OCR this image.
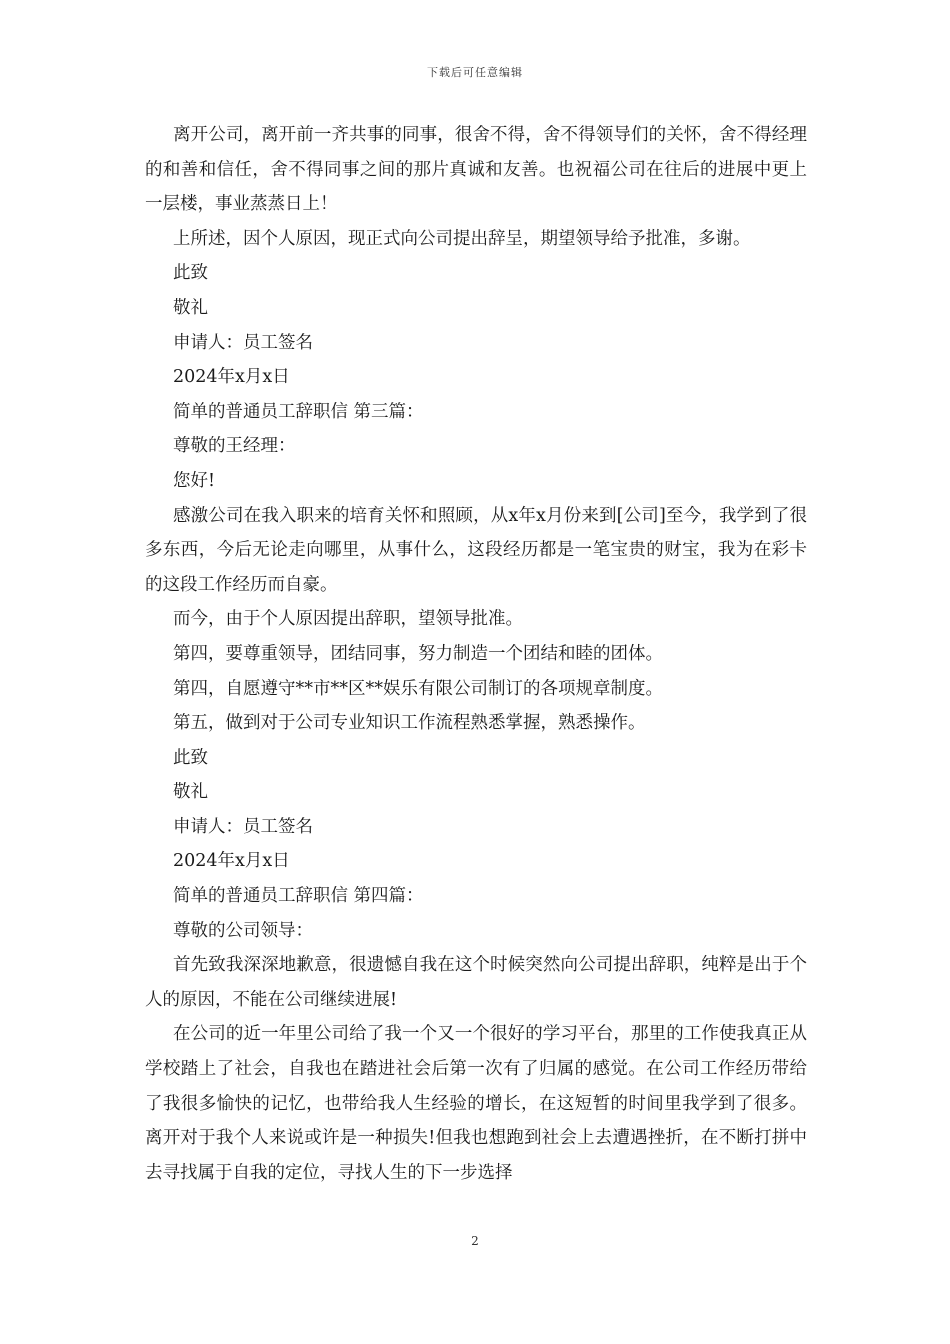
下载后可任意编辑

离开公司，离开前一齐共事的同事，很舍不得，舍不得领导们的关怀，舍不得经理的和善和信任，舍不得同事之间的那片真诚和友善。也祝福公司在往后的进展中更上一层楼，事业蒸蒸日上！

上所述，因个人原因，现正式向公司提出辞呈，期望领导给予批准，多谢。

此致

敬礼

申请人：员工签名

2024年x月x日

简单的普通员工辞职信 第三篇：

尊敬的王经理：

您好!

感激公司在我入职来的培育关怀和照顾，从x年x月份来到[公司]至今，我学到了很多东西，今后无论走向哪里，从事什么，这段经历都是一笔宝贵的财宝，我为在彩卡的这段工作经历而自豪。

而今，由于个人原因提出辞职，望领导批准。

第四，要尊重领导，团结同事，努力制造一个团结和睦的团体。

第四，自愿遵守**市**区**娱乐有限公司制订的各项规章制度。

第五，做到对于公司专业知识工作流程熟悉掌握，熟悉操作。

此致

敬礼

申请人：员工签名

2024年x月x日

简单的普通员工辞职信 第四篇：

尊敬的公司领导：

首先致我深深地歉意，很遗憾自我在这个时候突然向公司提出辞职，纯粹是出于个人的原因，不能在公司继续进展!

在公司的近一年里公司给了我一个又一个很好的学习平台，那里的工作使我真正从学校踏上了社会，自我也在踏进社会后第一次有了归属的感觉。在公司工作经历带给了我很多愉快的记忆，也带给我人生经验的增长，在这短暂的时间里我学到了很多。离开对于我个人来说或许是一种损失!但我也想跑到社会上去遭遇挫折，在不断打拼中去寻找属于自我的定位，寻找人生的下一步选择

2
